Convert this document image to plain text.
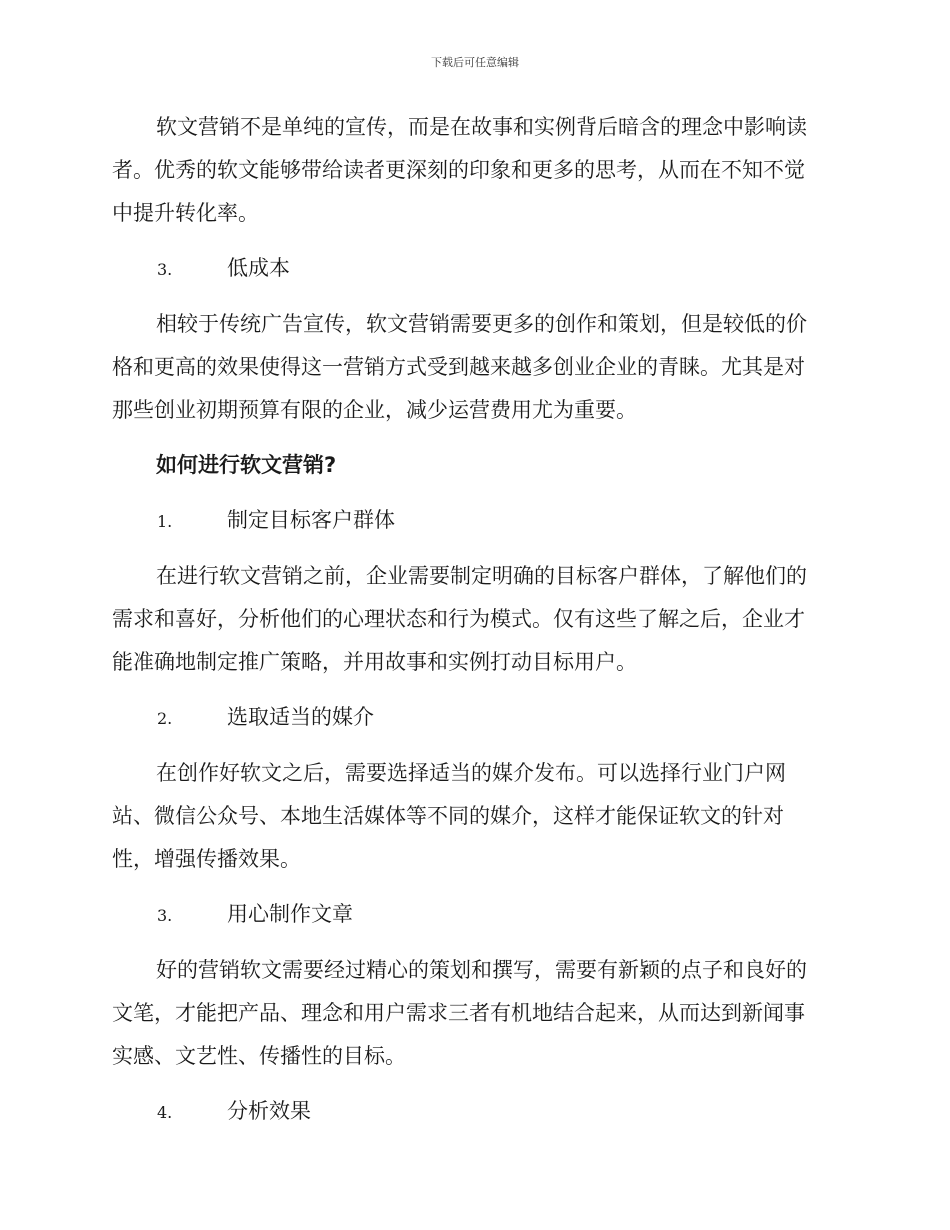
下载后可任意编辑
软文营销不是单纯的宣传，而是在故事和实例背后暗含的理念中影响读
者。优秀的软文能够带给读者更深刻的印象和更多的思考，从而在不知不觉
中提升转化率。
3.	低成本
相较于传统广告宣传，软文营销需要更多的创作和策划，但是较低的价
格和更高的效果使得这一营销方式受到越来越多创业企业的青睐。尤其是对
那些创业初期预算有限的企业，减少运营费用尤为重要。
如何进行软文营销?
1.	制定目标客户群体
在进行软文营销之前，企业需要制定明确的目标客户群体，了解他们的
需求和喜好，分析他们的心理状态和行为模式。仅有这些了解之后，企业才
能准确地制定推广策略，并用故事和实例打动目标用户。
2.	选取适当的媒介
在创作好软文之后，需要选择适当的媒介发布。可以选择行业门户网
站、微信公众号、本地生活媒体等不同的媒介，这样才能保证软文的针对
性，增强传播效果。
3.	用心制作文章
好的营销软文需要经过精心的策划和撰写，需要有新颖的点子和良好的
文笔，才能把产品、理念和用户需求三者有机地结合起来，从而达到新闻事
实感、文艺性、传播性的目标。
4.	分析效果
